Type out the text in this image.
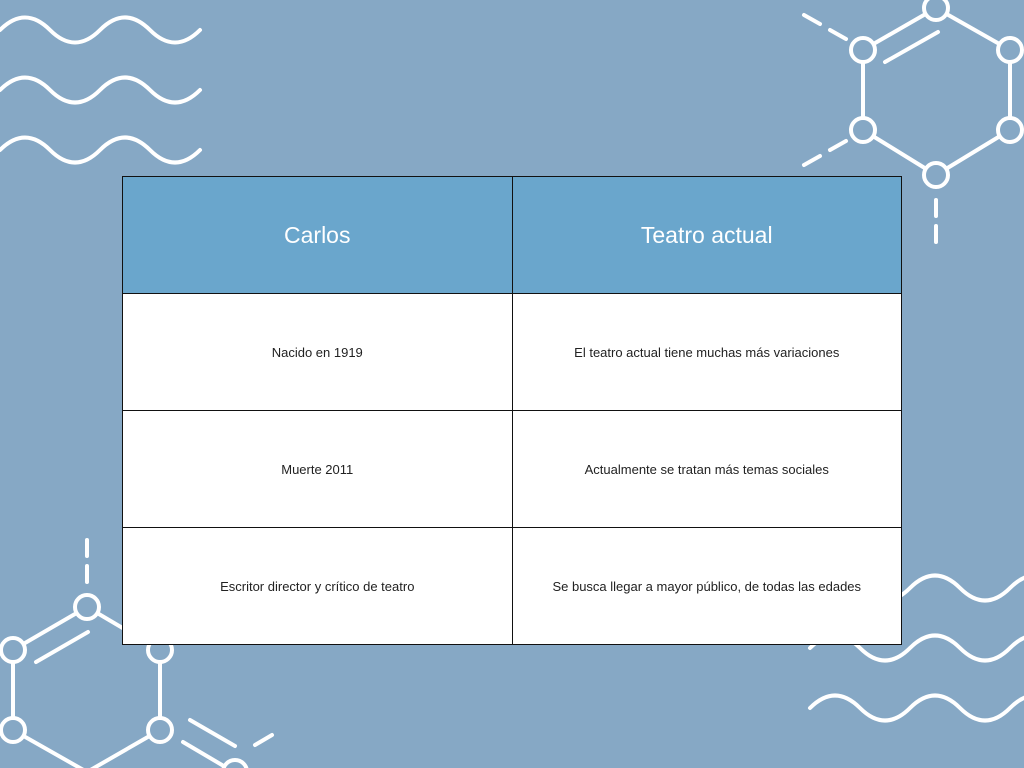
Carlos	Teatro actual
Nacido en 1919	El teatro actual tiene muchas más variaciones
Muerte 2011	Actualmente se tratan más temas sociales
Escritor director y crítico de teatro	Se busca llegar a mayor público, de todas las edades
